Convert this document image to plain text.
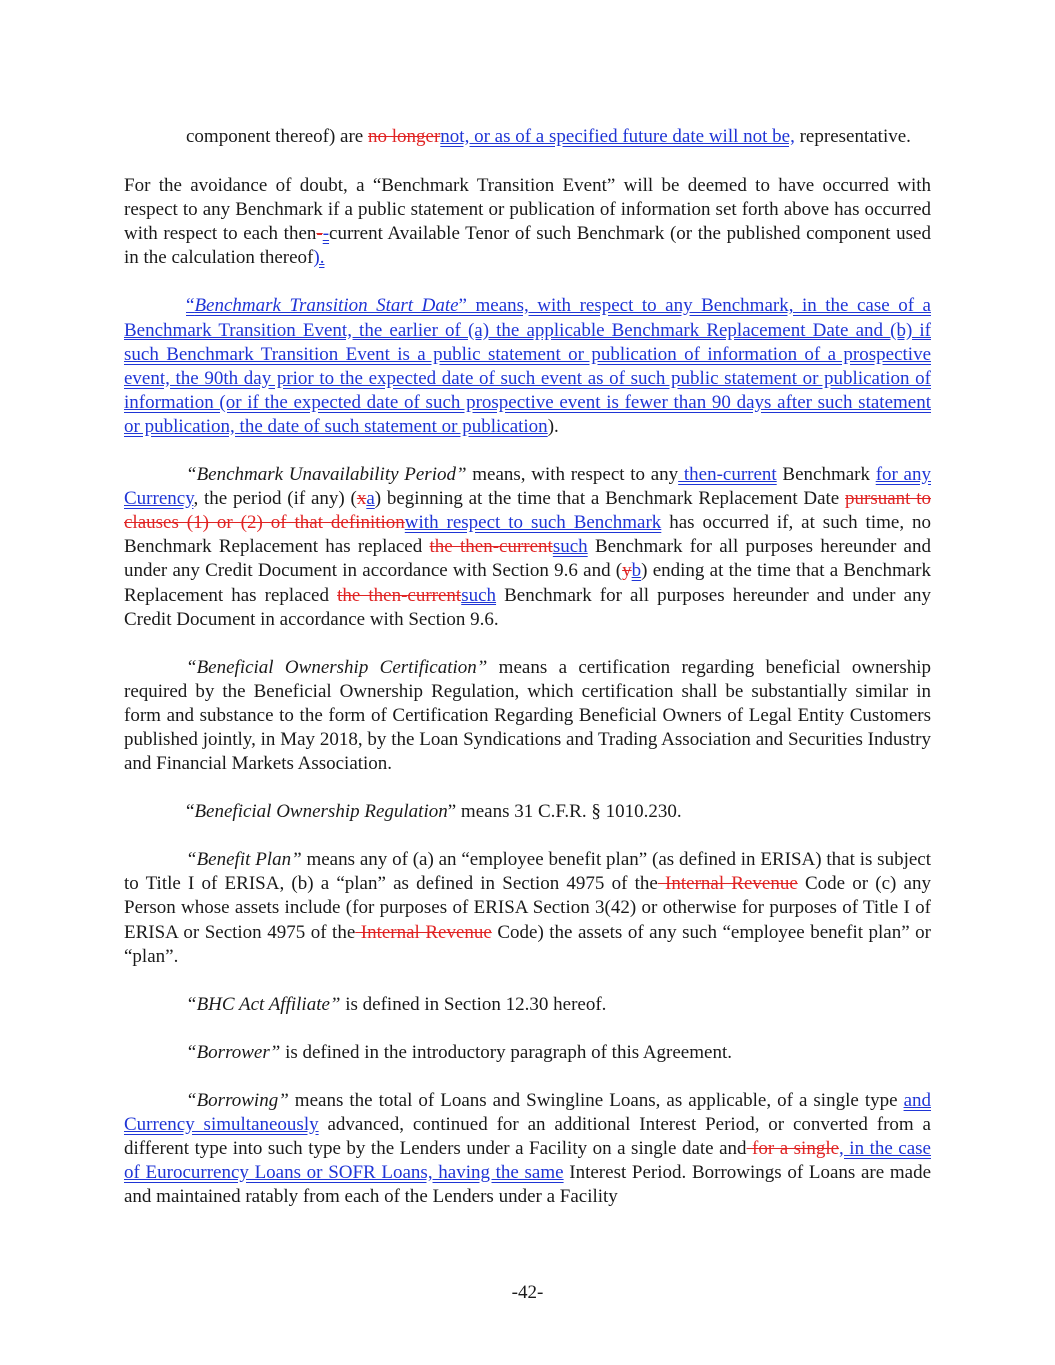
component thereof) are no longernot, or as of a specified future date will not be, representative.

For the avoidance of doubt, a “Benchmark Transition Event” will be deemed to have occurred with respect to any Benchmark if a public statement or publication of information set forth above has occurred with respect to each then--current Available Tenor of such Benchmark (or the published component used in the calculation thereof).

“Benchmark Transition Start Date” means, with respect to any Benchmark, in the case of a Benchmark Transition Event, the earlier of (a) the applicable Benchmark Replacement Date and (b) if such Benchmark Transition Event is a public statement or publication of information of a prospective event, the 90th day prior to the expected date of such event as of such public statement or publication of information (or if the expected date of such prospective event is fewer than 90 days after such statement or publication, the date of such statement or publication).

“Benchmark Unavailability Period” means, with respect to any then-current Benchmark for any Currency, the period (if any) (xa) beginning at the time that a Benchmark Replacement Date pursuant to clauses (1) or (2) of that definitionwith respect to such Benchmark has occurred if, at such time, no Benchmark Replacement has replaced the then-currentsuch Benchmark for all purposes hereunder and under any Credit Document in accordance with Section 9.6 and (yb) ending at the time that a Benchmark Replacement has replaced the then-currentsuch Benchmark for all purposes hereunder and under any Credit Document in accordance with Section 9.6.

“Beneficial Ownership Certification” means a certification regarding beneficial ownership required by the Beneficial Ownership Regulation, which certification shall be substantially similar in form and substance to the form of Certification Regarding Beneficial Owners of Legal Entity Customers published jointly, in May 2018, by the Loan Syndications and Trading Association and Securities Industry and Financial Markets Association.

“Beneficial Ownership Regulation” means 31 C.F.R. § 1010.230.

“Benefit Plan” means any of (a) an “employee benefit plan” (as defined in ERISA) that is subject to Title I of ERISA, (b) a “plan” as defined in Section 4975 of the Internal Revenue Code or (c) any Person whose assets include (for purposes of ERISA Section 3(42) or otherwise for purposes of Title I of ERISA or Section 4975 of the Internal Revenue Code) the assets of any such “employee benefit plan” or “plan”.

“BHC Act Affiliate” is defined in Section 12.30 hereof.

“Borrower” is defined in the introductory paragraph of this Agreement.

“Borrowing” means the total of Loans and Swingline Loans, as applicable, of a single type and Currency simultaneously advanced, continued for an additional Interest Period, or converted from a different type into such type by the Lenders under a Facility on a single date and for a single, in the case of Eurocurrency Loans or SOFR Loans, having the same Interest Period. Borrowings of Loans are made and maintained ratably from each of the Lenders under a Facility

-42-
